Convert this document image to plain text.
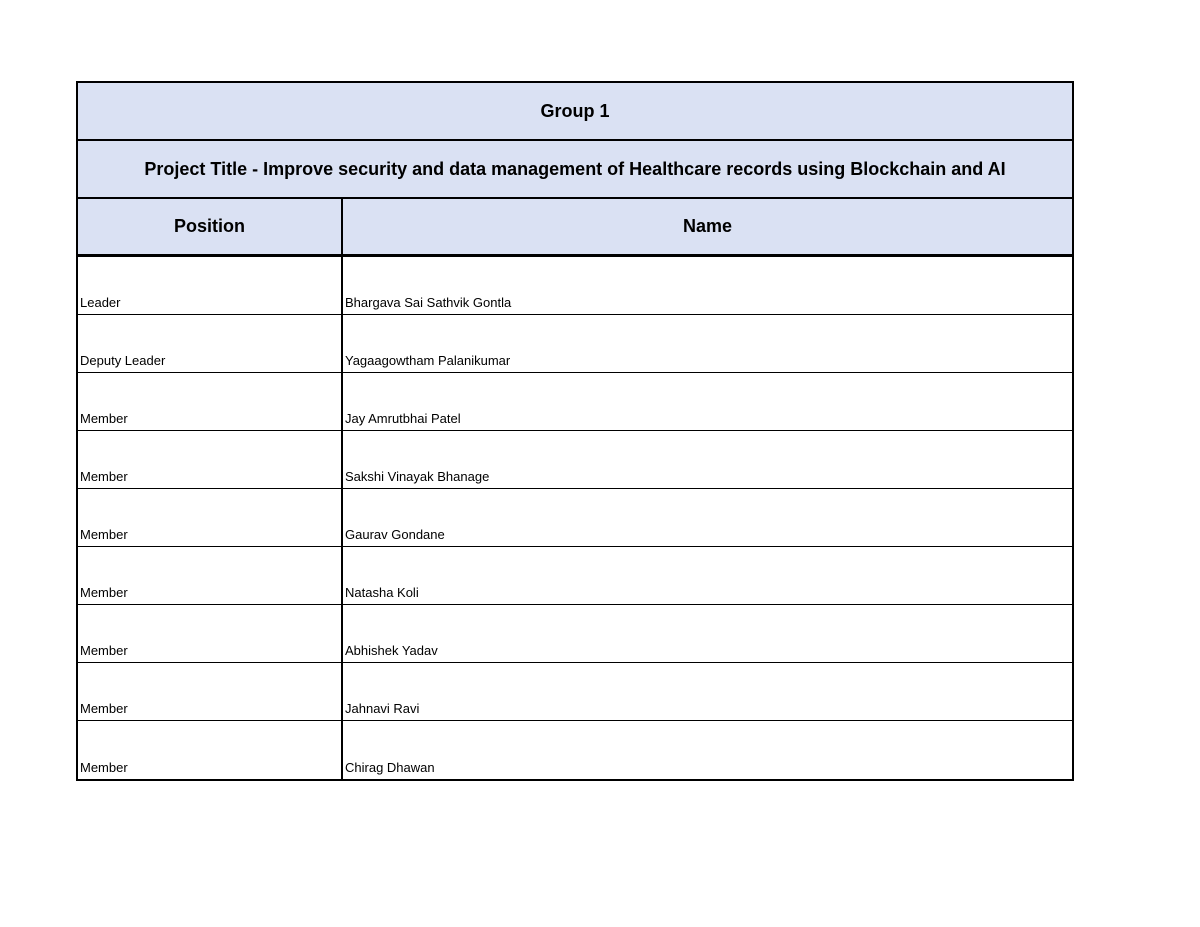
Group 1
Project Title - Improve security and data management of Healthcare records using Blockchain and AI
Position	Name
Leader	Bhargava Sai Sathvik Gontla
Deputy Leader	Yagaagowtham Palanikumar
Member	Jay Amrutbhai Patel
Member	Sakshi Vinayak Bhanage
Member	Gaurav Gondane
Member	Natasha Koli
Member	Abhishek Yadav
Member	Jahnavi Ravi
Member	Chirag Dhawan
